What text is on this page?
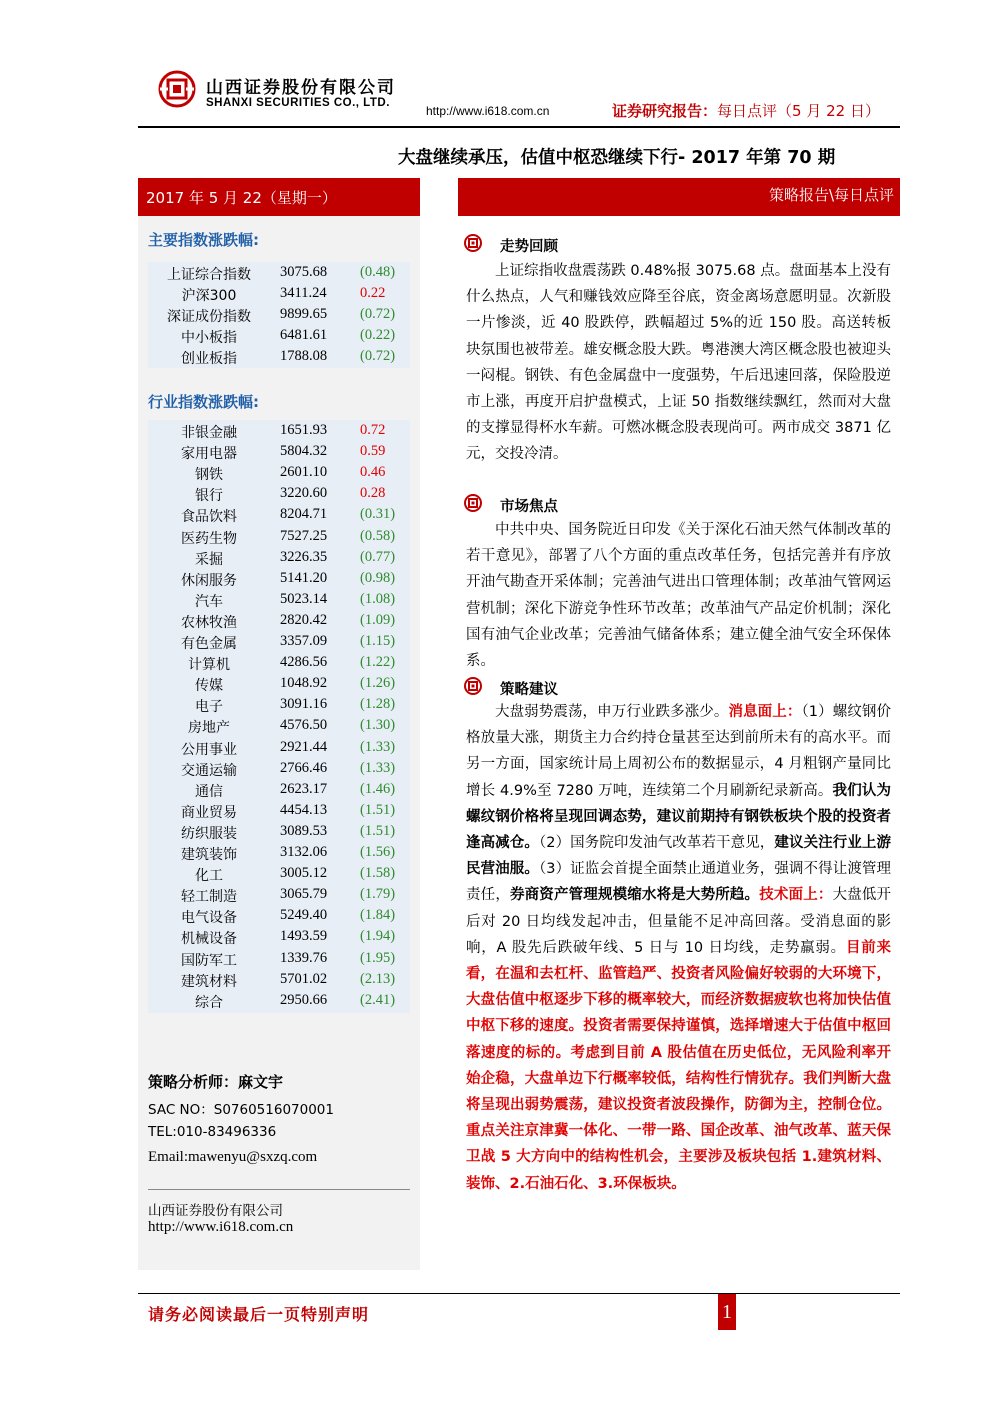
山西证券股份有限公司
SHANXI SECURITIES CO., LTD.
http://www.i618.com.cn	证券研究报告：每日点评（5 月 22 日）
大盘继续承压，估值中枢恐继续下行- 2017 年第 70 期
2017 年 5 月 22（星期一）
主要指数涨跌幅:
上证综合指数	3075.68 (0.48)
沪深300	3411.24 0.22
深证成份指数	9899.65 (0.72)
中小板指	6481.61 (0.22)
创业板指	1788.08 (0.72)
行业指数涨跌幅:
非银金融	1651.93 0.72
家用电器	5804.32 0.59
钢铁	2601.10 0.46
银行	3220.60 0.28
食品饮料	8204.71 (0.31)
医药生物	7527.25 (0.58)
采掘	3226.35 (0.77)
休闲服务	5141.20 (0.98)
汽车	5023.14 (1.08)
农林牧渔	2820.42 (1.09)
有色金属	3357.09 (1.15)
计算机	4286.56 (1.22)
传媒	1048.92 (1.26)
电子	3091.16 (1.28)
房地产	4576.50 (1.30)
公用事业	2921.44 (1.33)
交通运输	2766.46 (1.33)
通信	2623.17 (1.46)
商业贸易	4454.13 (1.51)
纺织服装	3089.53 (1.51)
建筑装饰	3132.06 (1.56)
化工	3005.12 (1.58)
轻工制造	3065.79 (1.79)
电气设备	5249.40 (1.84)
机械设备	1493.59 (1.94)
国防军工	1339.76 (1.95)
建筑材料	5701.02 (2.13)
综合	2950.66 (2.41)
策略分析师：麻文宇
SAC NO：S0760516070001
TEL:010-83496336
Email:mawenyu@sxzq.com
山西证券股份有限公司
http://www.i618.com.cn
策略报告\每日点评
走势回顾
上证综指收盘震荡跌 0.48%报 3075.68 点。盘面基本上没有什么热点，人气和赚钱效应降至谷底，资金离场意愿明显。次新股一片惨淡，近 40 股跌停，跌幅超过 5%的近 150 股。高送转板块氛围也被带差。雄安概念股大跌。粤港澳大湾区概念股也被迎头一闷棍。钢铁、有色金属盘中一度强势，午后迅速回落，保险股逆市上涨，再度开启护盘模式，上证 50 指数继续飘红，然而对大盘的支撑显得杯水车薪。可燃冰概念股表现尚可。两市成交 3871 亿元，交投冷清。
市场焦点
中共中央、国务院近日印发《关于深化石油天然气体制改革的若干意见》，部署了八个方面的重点改革任务，包括完善并有序放开油气勘查开采体制；完善油气进出口管理体制；改革油气管网运营机制；深化下游竞争性环节改革；改革油气产品定价机制；深化国有油气企业改革；完善油气储备体系；建立健全油气安全环保体系。
策略建议
大盘弱势震荡，申万行业跌多涨少。消息面上：（1）螺纹钢价格放量大涨，期货主力合约持仓量甚至达到前所未有的高水平。而另一方面，国家统计局上周初公布的数据显示，4 月粗钢产量同比增长 4.9%至 7280 万吨，连续第二个月刷新纪录新高。我们认为螺纹钢价格将呈现回调态势，建议前期持有钢铁板块个股的投资者逢高减仓。（2）国务院印发油气改革若干意见，建议关注行业上游民营油服。（3）证监会首提全面禁止通道业务，强调不得让渡管理责任，券商资产管理规模缩水将是大势所趋。技术面上：大盘低开后对 20 日均线发起冲击，但量能不足冲高回落。受消息面的影响，A 股先后跌破年线、5 日与 10 日均线，走势羸弱。目前来看，在温和去杠杆、监管趋严、投资者风险偏好较弱的大环境下，大盘估值中枢逐步下移的概率较大，而经济数据疲软也将加快估值中枢下移的速度。投资者需要保持谨慎，选择增速大于估值中枢回落速度的标的。考虑到目前 A 股估值在历史低位，无风险利率开始企稳，大盘单边下行概率较低，结构性行情犹存。我们判断大盘将呈现出弱势震荡，建议投资者波段操作，防御为主，控制仓位。重点关注京津冀一体化、一带一路、国企改革、油气改革、蓝天保卫战 5 大方向中的结构性机会，主要涉及板块包括 1.建筑材料、装饰、2.石油石化、3.环保板块。
请务必阅读最后一页特别声明	1
